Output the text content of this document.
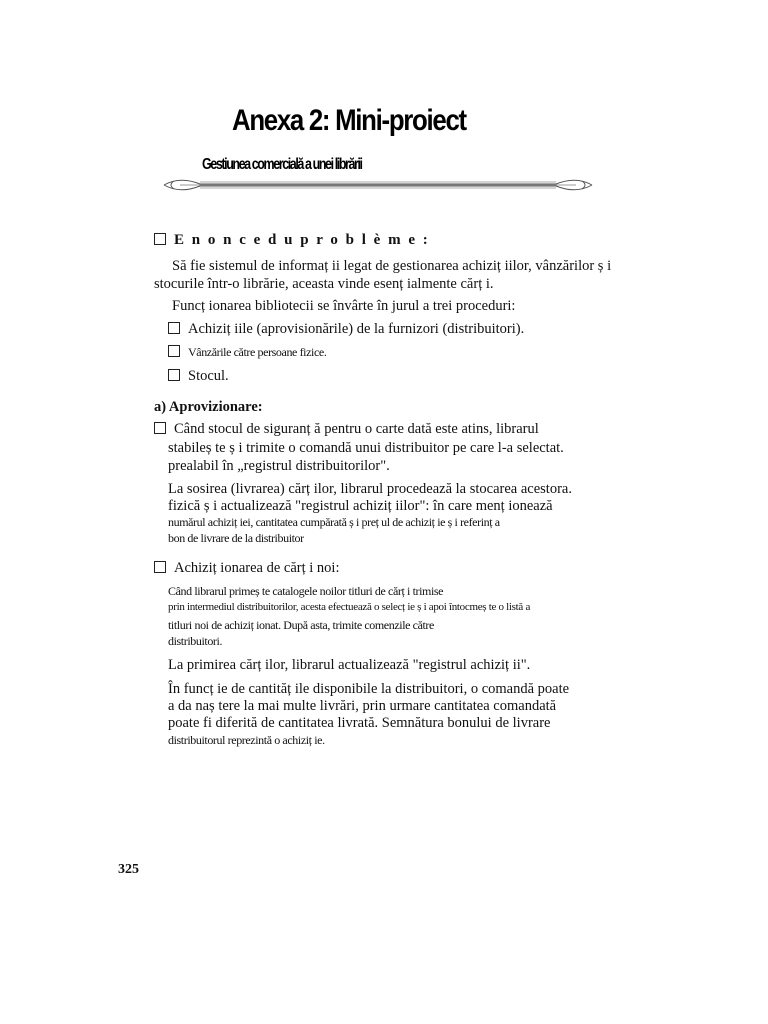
Anexa 2: Mini-proiect
Gestiunea comercială a unei librării
E n o n c e d u p r o b l è m e :
Să fie sistemul de informaț ii legat de gestionarea achiziț iilor, vânzărilor ș i
stocurile într-o librărie, aceasta vinde esenț ialmente cărț i.
Funcț ionarea bibliotecii se învârte în jurul a trei proceduri:
Achiziț iile (aprovisionările) de la furnizori (distribuitori).
Vânzările către persoane fizice.
Stocul.
a) Aprovizionare:
Când stocul de siguranț ă pentru o carte dată este atins, librarul
stabileș te ș i trimite o comandă unui distribuitor pe care l-a selectat.
prealabil în „registrul distribuitorilor".
La sosirea (livrarea) cărț ilor, librarul procedează la stocarea acestora.
fizică ș i actualizează "registrul achiziț iilor": în care menț ionează
numărul achiziț iei, cantitatea cumpărată ș i preț ul de achiziț ie ș i referinț a
bon de livrare de la distribuitor
Achiziț ionarea de cărț i noi:
Când librarul primeș te catalogele noilor titluri de cărț i trimise
prin intermediul distribuitorilor, acesta efectuează o selecț ie ș i apoi întocmeș te o listă a
titluri noi de achiziț ionat. După asta, trimite comenzile către
distribuitori.
La primirea cărț ilor, librarul actualizează "registrul achiziț ii".
În funcț ie de cantităț ile disponibile la distribuitori, o comandă poate
a da naș tere la mai multe livrări, prin urmare cantitatea comandată
poate fi diferită de cantitatea livrată. Semnătura bonului de livrare
distribuitorul reprezintă o achiziț ie.
325
